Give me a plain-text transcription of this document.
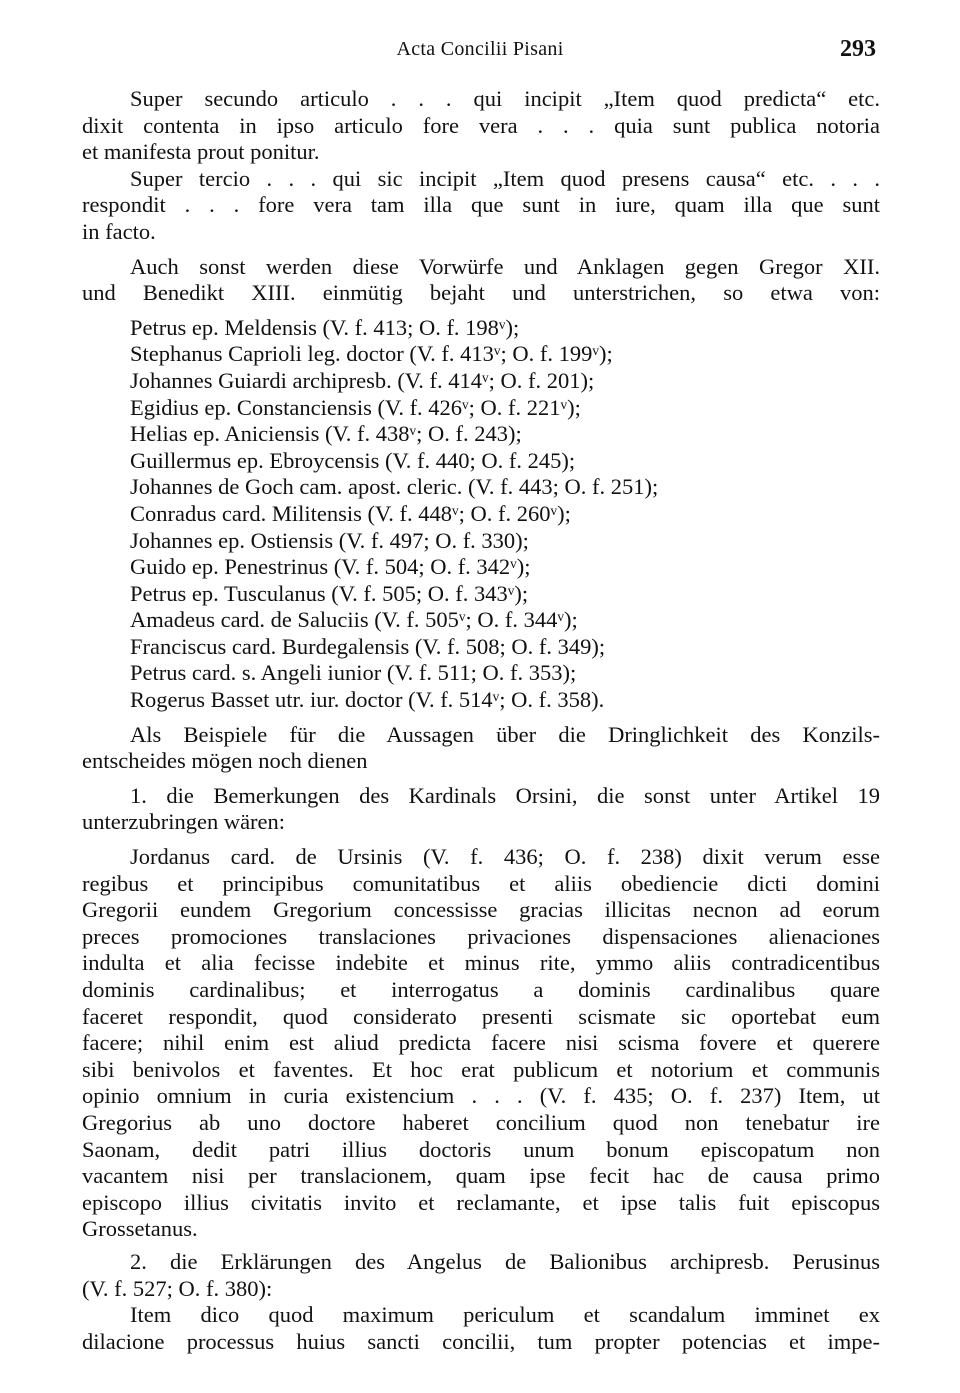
Acta Concilii Pisani	293
Super secundo articulo . . . qui incipit „Item quod predicta“ etc.
dixit contenta in ipso articulo fore vera . . . quia sunt publica notoria
et manifesta prout ponitur.
Super tercio . . . qui sic incipit „Item quod presens causa“ etc. . . .
respondit . . . fore vera tam illa que sunt in iure, quam illa que sunt
in facto.
Auch sonst werden diese Vorwürfe und Anklagen gegen Gregor XII.
und Benedikt XIII. einmütig bejaht und unterstrichen, so etwa von:
Petrus ep. Meldensis (V. f. 413; O. f. 198ᵛ);
Stephanus Caprioli leg. doctor (V. f. 413ᵛ; O. f. 199ᵛ);
Johannes Guiardi archipresb. (V. f. 414ᵛ; O. f. 201);
Egidius ep. Constanciensis (V. f. 426ᵛ; O. f. 221ᵛ);
Helias ep. Aniciensis (V. f. 438ᵛ; O. f. 243);
Guillermus ep. Ebroycensis (V. f. 440; O. f. 245);
Johannes de Goch cam. apost. cleric. (V. f. 443; O. f. 251);
Conradus card. Militensis (V. f. 448ᵛ; O. f. 260ᵛ);
Johannes ep. Ostiensis (V. f. 497; O. f. 330);
Guido ep. Penestrinus (V. f. 504; O. f. 342ᵛ);
Petrus ep. Tusculanus (V. f. 505; O. f. 343ᵛ);
Amadeus card. de Saluciis (V. f. 505ᵛ; O. f. 344ᵛ);
Franciscus card. Burdegalensis (V. f. 508; O. f. 349);
Petrus card. s. Angeli iunior (V. f. 511; O. f. 353);
Rogerus Basset utr. iur. doctor (V. f. 514ᵛ; O. f. 358).
Als Beispiele für die Aussagen über die Dringlichkeit des Konzils-
entscheides mögen noch dienen
1. die Bemerkungen des Kardinals Orsini, die sonst unter Artikel 19
unterzubringen wären:
Jordanus card. de Ursinis (V. f. 436; O. f. 238) dixit verum esse
regibus et principibus comunitatibus et aliis obediencie dicti domini
Gregorii eundem Gregorium concessisse gracias illicitas necnon ad eorum
preces promociones translaciones privaciones dispensaciones alienaciones
indulta et alia fecisse indebite et minus rite, ymmo aliis contradicentibus
dominis cardinalibus; et interrogatus a dominis cardinalibus quare
faceret respondit, quod considerato presenti scismate sic oportebat eum
facere; nihil enim est aliud predicta facere nisi scisma fovere et querere
sibi benivolos et faventes. Et hoc erat publicum et notorium et communis
opinio omnium in curia existencium . . . (V. f. 435; O. f. 237) Item, ut
Gregorius ab uno doctore haberet concilium quod non tenebatur ire
Saonam, dedit patri illius doctoris unum bonum episcopatum non
vacantem nisi per translacionem, quam ipse fecit hac de causa primo
episcopo illius civitatis invito et reclamante, et ipse talis fuit episcopus
Grossetanus.
2. die Erklärungen des Angelus de Balionibus archipresb. Perusinus
(V. f. 527; O. f. 380):
Item dico quod maximum periculum et scandalum imminet ex
dilacione processus huius sancti concilii, tum propter potencias et impe-
